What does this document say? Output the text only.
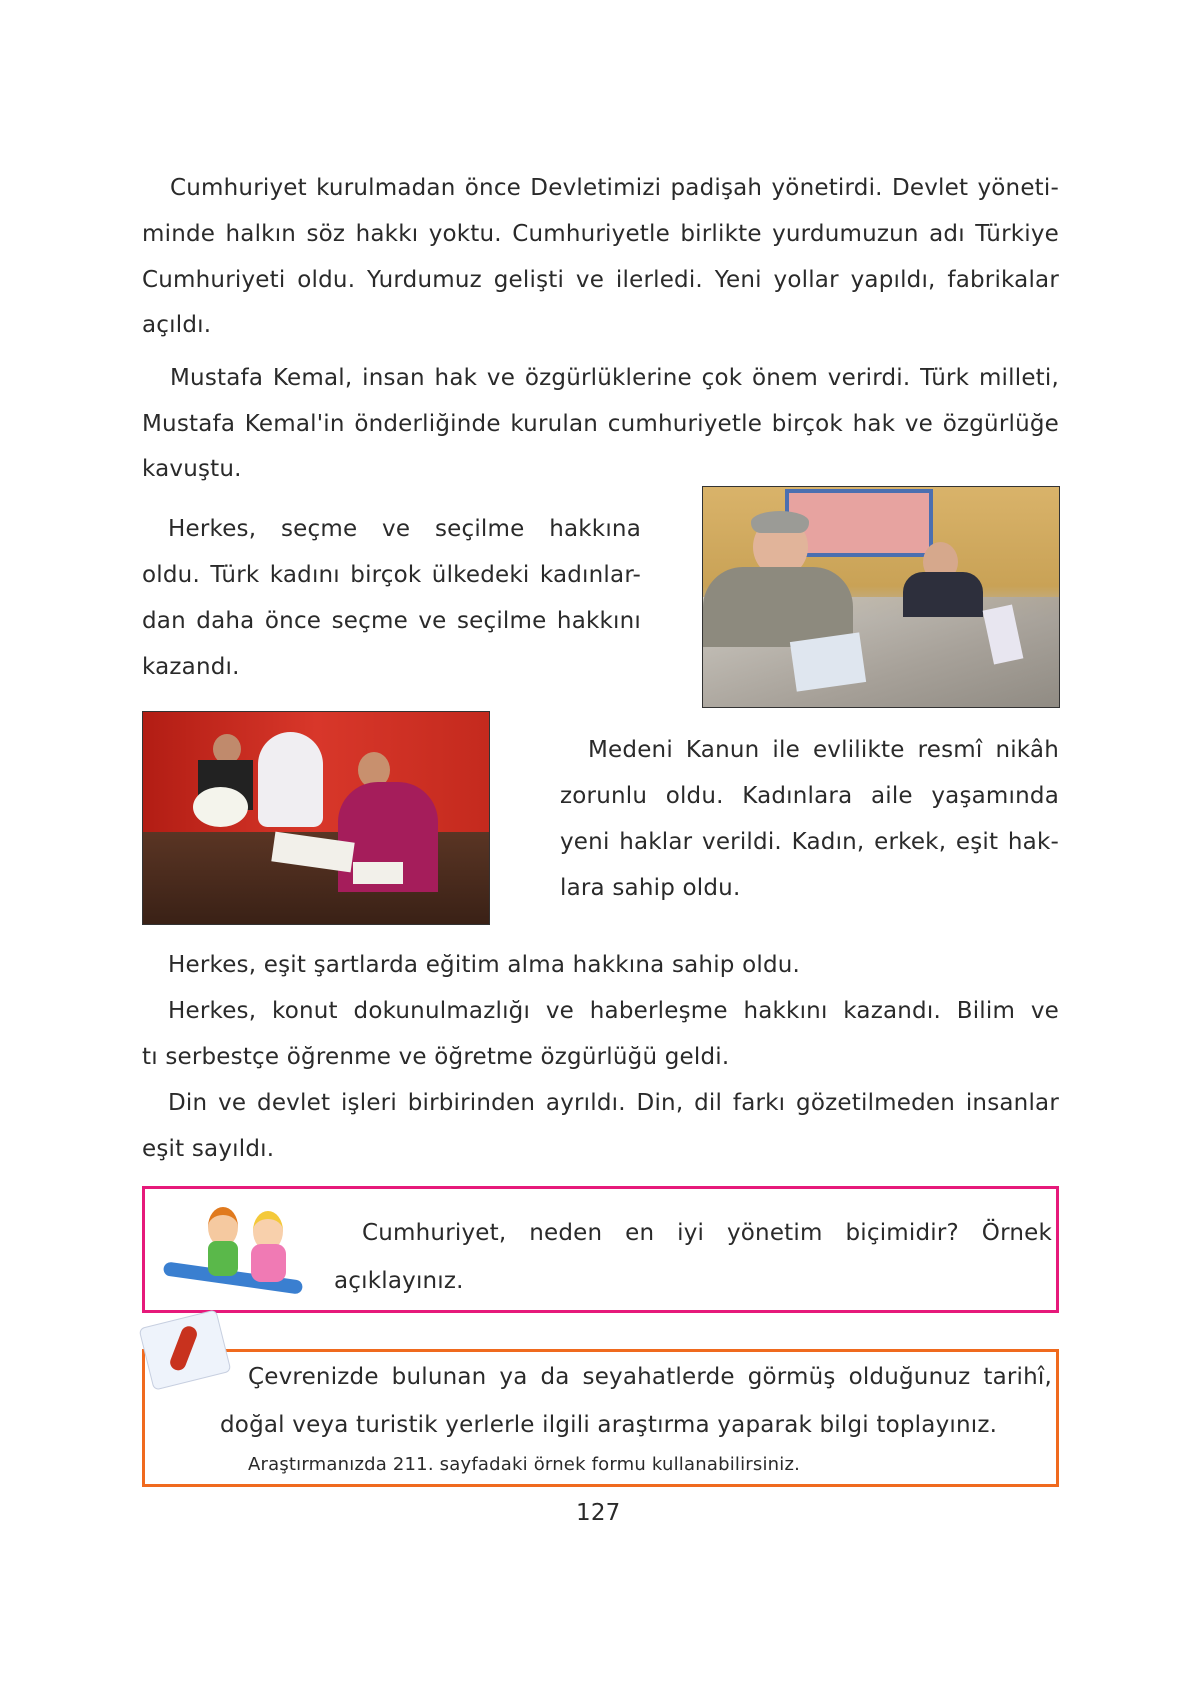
Cumhuriyet kurulmadan önce Devletimizi padişah yönetirdi. Devlet yöneti-
minde halkın söz hakkı yoktu. Cumhuriyetle birlikte yurdumuzun adı Türkiye
Cumhuriyeti oldu. Yurdumuz gelişti ve ilerledi. Yeni yollar yapıldı, fabrikalar
açıldı.
Mustafa Kemal, insan hak ve özgürlüklerine çok önem verirdi. Türk milleti,
Mustafa Kemal'in önderliğinde kurulan cumhuriyetle birçok hak ve özgürlüğe
kavuştu.
Herkes, seçme ve seçilme hakkına
oldu. Türk kadını birçok ülkedeki kadınlar-
dan daha önce seçme ve seçilme hakkını
kazandı.
Medeni Kanun ile evlilikte resmî nikâh
zorunlu oldu. Kadınlara aile yaşamında
yeni haklar verildi. Kadın, erkek, eşit hak-
lara sahip oldu.
Herkes, eşit şartlarda eğitim alma hakkına sahip oldu.
Herkes, konut dokunulmazlığı ve haberleşme hakkını kazandı. Bilim ve
tı serbestçe öğrenme ve öğretme özgürlüğü geldi.
Din ve devlet işleri birbirinden ayrıldı. Din, dil farkı gözetilmeden insanlar
eşit sayıldı.
Cumhuriyet, neden en iyi yönetim biçimidir? Örnek
açıklayınız.
Çevrenizde bulunan ya da seyahatlerde görmüş olduğunuz tarihî,
doğal veya turistik yerlerle ilgili araştırma yaparak bilgi toplayınız.
Araştırmanızda 211. sayfadaki örnek formu kullanabilirsiniz.
127
